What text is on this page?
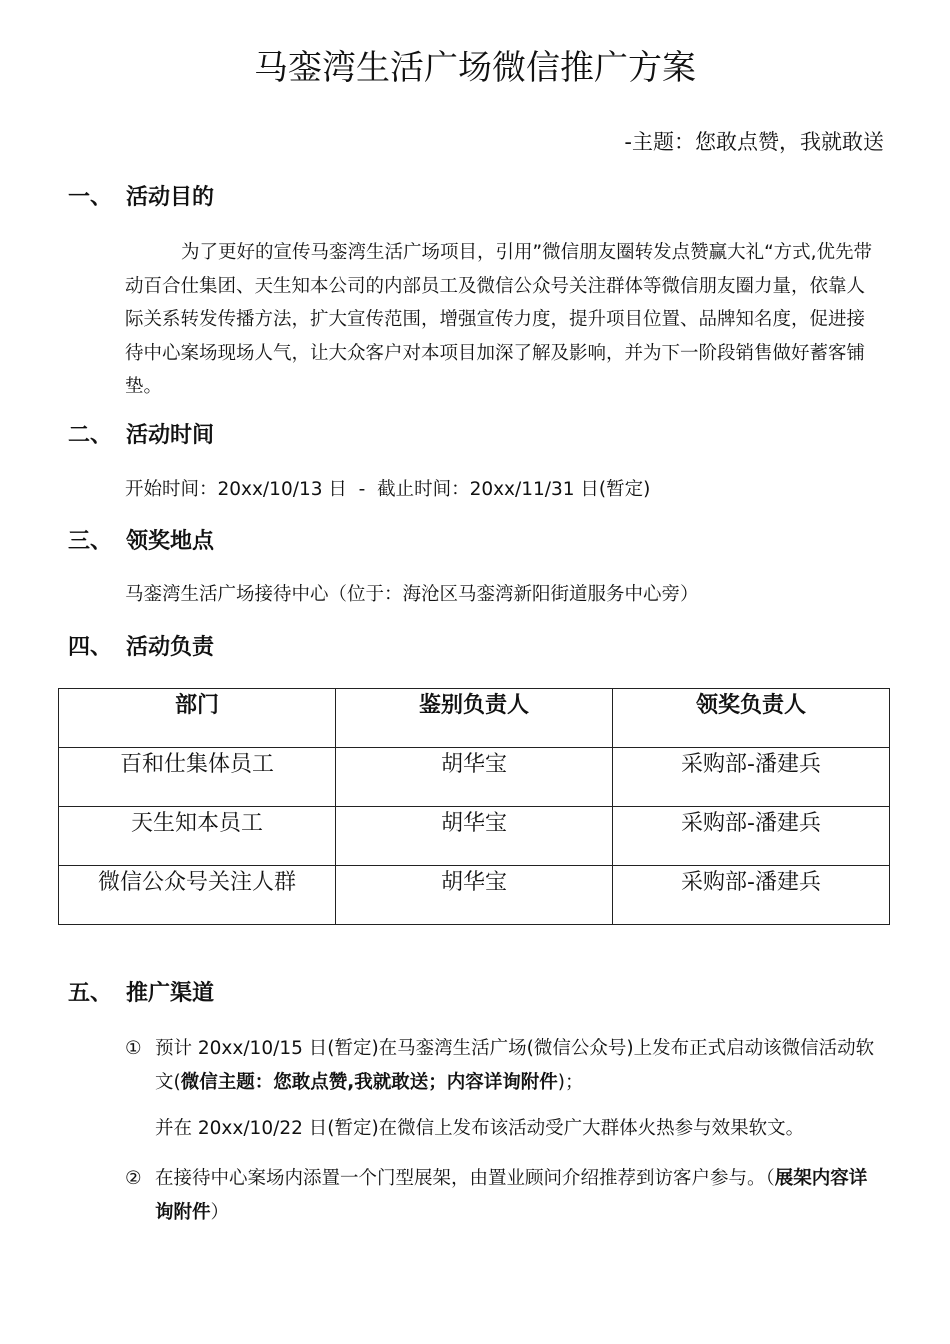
马銮湾生活广场微信推广方案

-主题：您敢点赞，我就敢送

一、 活动目的

为了更好的宣传马銮湾生活广场项目，引用”微信朋友圈转发点赞赢大礼“方式,优先带动百合仕集团、天生知本公司的内部员工及微信公众号关注群体等微信朋友圈力量，依靠人际关系转发传播方法，扩大宣传范围，增强宣传力度，提升项目位置、品牌知名度，促进接待中心案场现场人气，让大众客户对本项目加深了解及影响，并为下一阶段销售做好蓄客铺垫。

二、 活动时间

开始时间：20xx/10/13 日  -  截止时间：20xx/11/31 日(暂定)

三、 领奖地点

马銮湾生活广场接待中心（位于：海沧区马銮湾新阳街道服务中心旁）

四、 活动负责
部门	鉴别负责人	领奖负责人
百和仕集体员工	胡华宝	采购部-潘建兵
天生知本员工	胡华宝	采购部-潘建兵
微信公众号关注人群	胡华宝	采购部-潘建兵
五、 推广渠道

① 预计 20xx/10/15 日(暂定)在马銮湾生活广场(微信公众号)上发布正式启动该微信活动软文(微信主题：您敢点赞,我就敢送；内容详询附件)；

并在 20xx/10/22 日(暂定)在微信上发布该活动受广大群体火热参与效果软文。

② 在接待中心案场内添置一个门型展架，由置业顾问介绍推荐到访客户参与。（展架内容详询附件）
